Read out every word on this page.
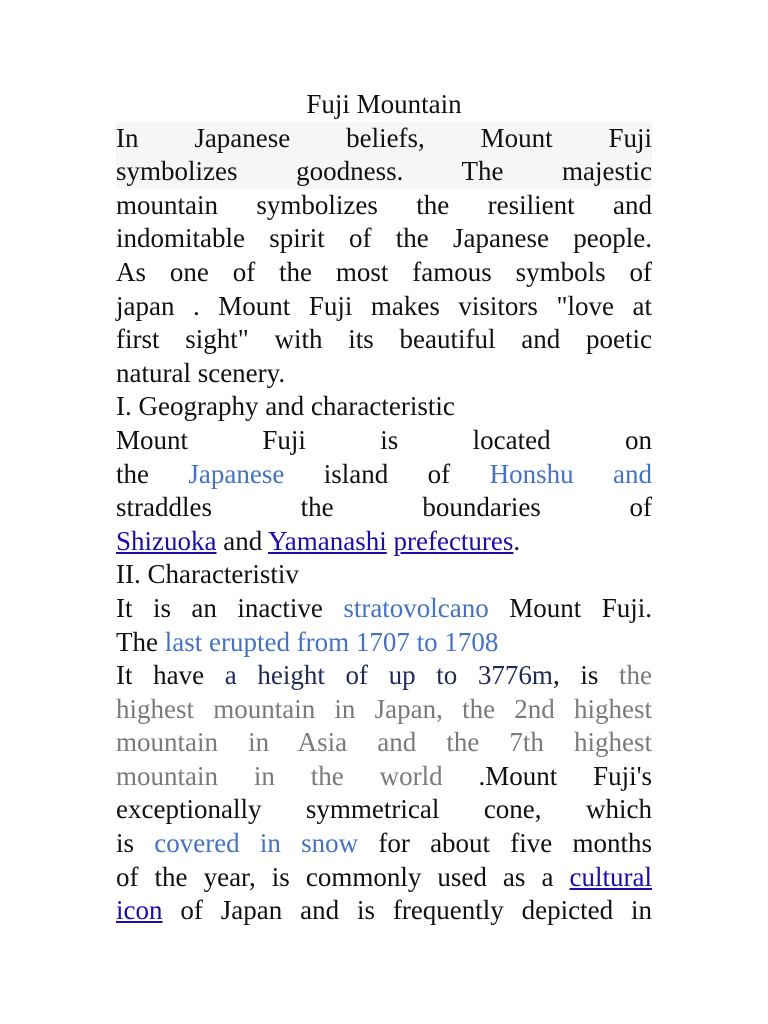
Fuji Mountain
In Japanese beliefs, Mount Fuji
symbolizes goodness. The majestic
mountain symbolizes the resilient and
indomitable spirit of the Japanese people.
As one of the most famous symbols of
japan . Mount Fuji makes visitors "love at
first sight" with its beautiful and poetic
natural scenery.
I. Geography and characteristic
Mount Fuji is located on
the Japanese island of Honshu and
straddles the boundaries of
Shizuoka and Yamanashi prefectures.
II. Characteristiv
It is an inactive stratovolcano Mount Fuji.
The last erupted from 1707 to 1708
It have a height of up to 3776m, is the
highest mountain in Japan, the 2nd highest
mountain in Asia and the 7th highest
mountain in the world .Mount Fuji's
exceptionally symmetrical cone, which
is covered in snow for about five months
of the year, is commonly used as a cultural
icon of Japan and is frequently depicted in
